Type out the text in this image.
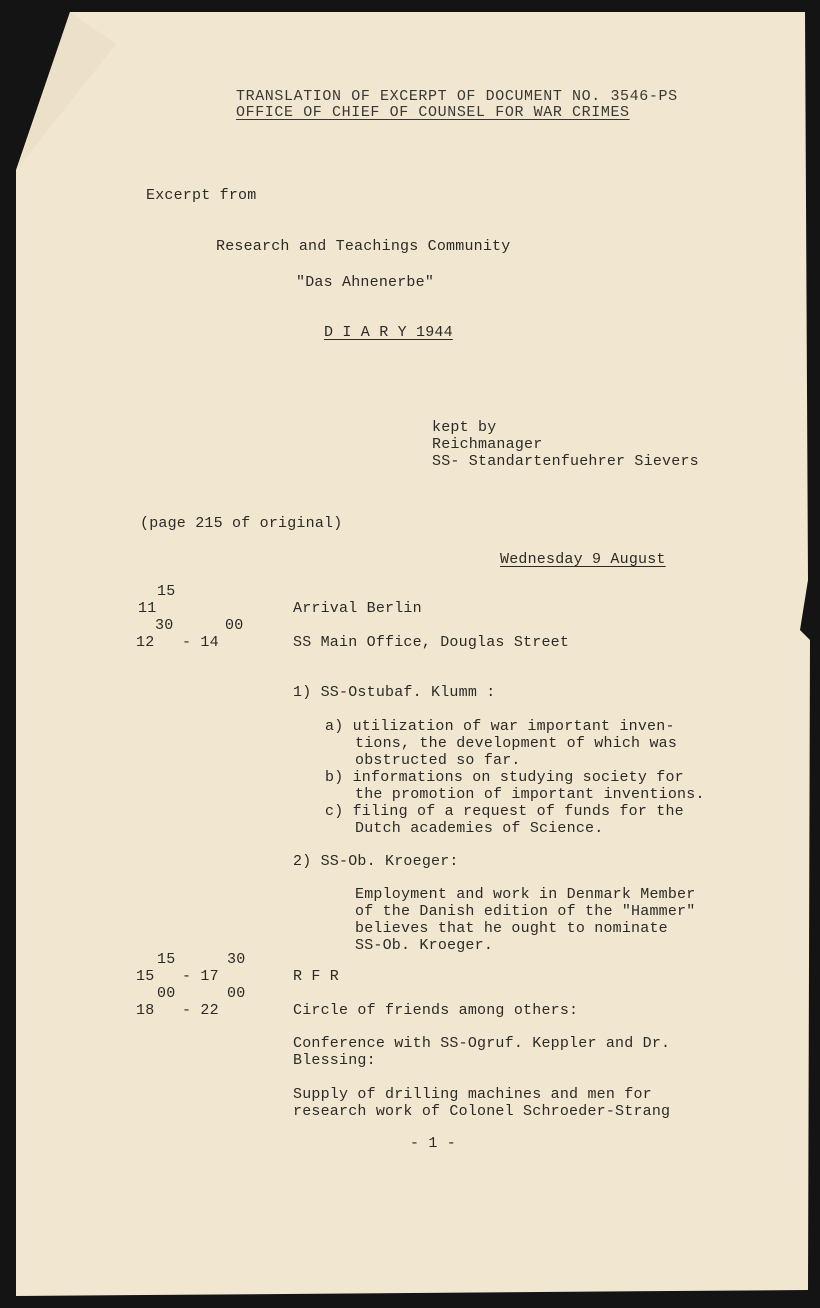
TRANSLATION OF EXCERPT OF DOCUMENT NO. 3546-PS
OFFICE OF CHIEF OF COUNSEL FOR WAR CRIMES
Excerpt from
Research and Teachings Community
"Das Ahnenerbe"
D I A R Y 1944
kept by
Reichmanager
SS- Standartenfuehrer Sievers
(page 215 of original)
Wednesday 9 August
15
11	Arrival Berlin
30	00
12   - 14	SS Main Office, Douglas Street
1) SS-Ostubaf. Klumm :
a) utilization of war important inven-
tions, the development of which was
obstructed so far.
b) informations on studying society for
the promotion of important inventions.
c) filing of a request of funds for the
Dutch academies of Science.
2) SS-Ob. Kroeger:
Employment and work in Denmark Member
of the Danish edition of the "Hammer"
believes that he ought to nominate
SS-Ob. Kroeger.
15	30
15   - 17	R F R
00	00
18   - 22	Circle of friends among others:
Conference with SS-Ogruf. Keppler and Dr.
Blessing:
Supply of drilling machines and men for
research work of Colonel Schroeder-Strang
- 1 -
